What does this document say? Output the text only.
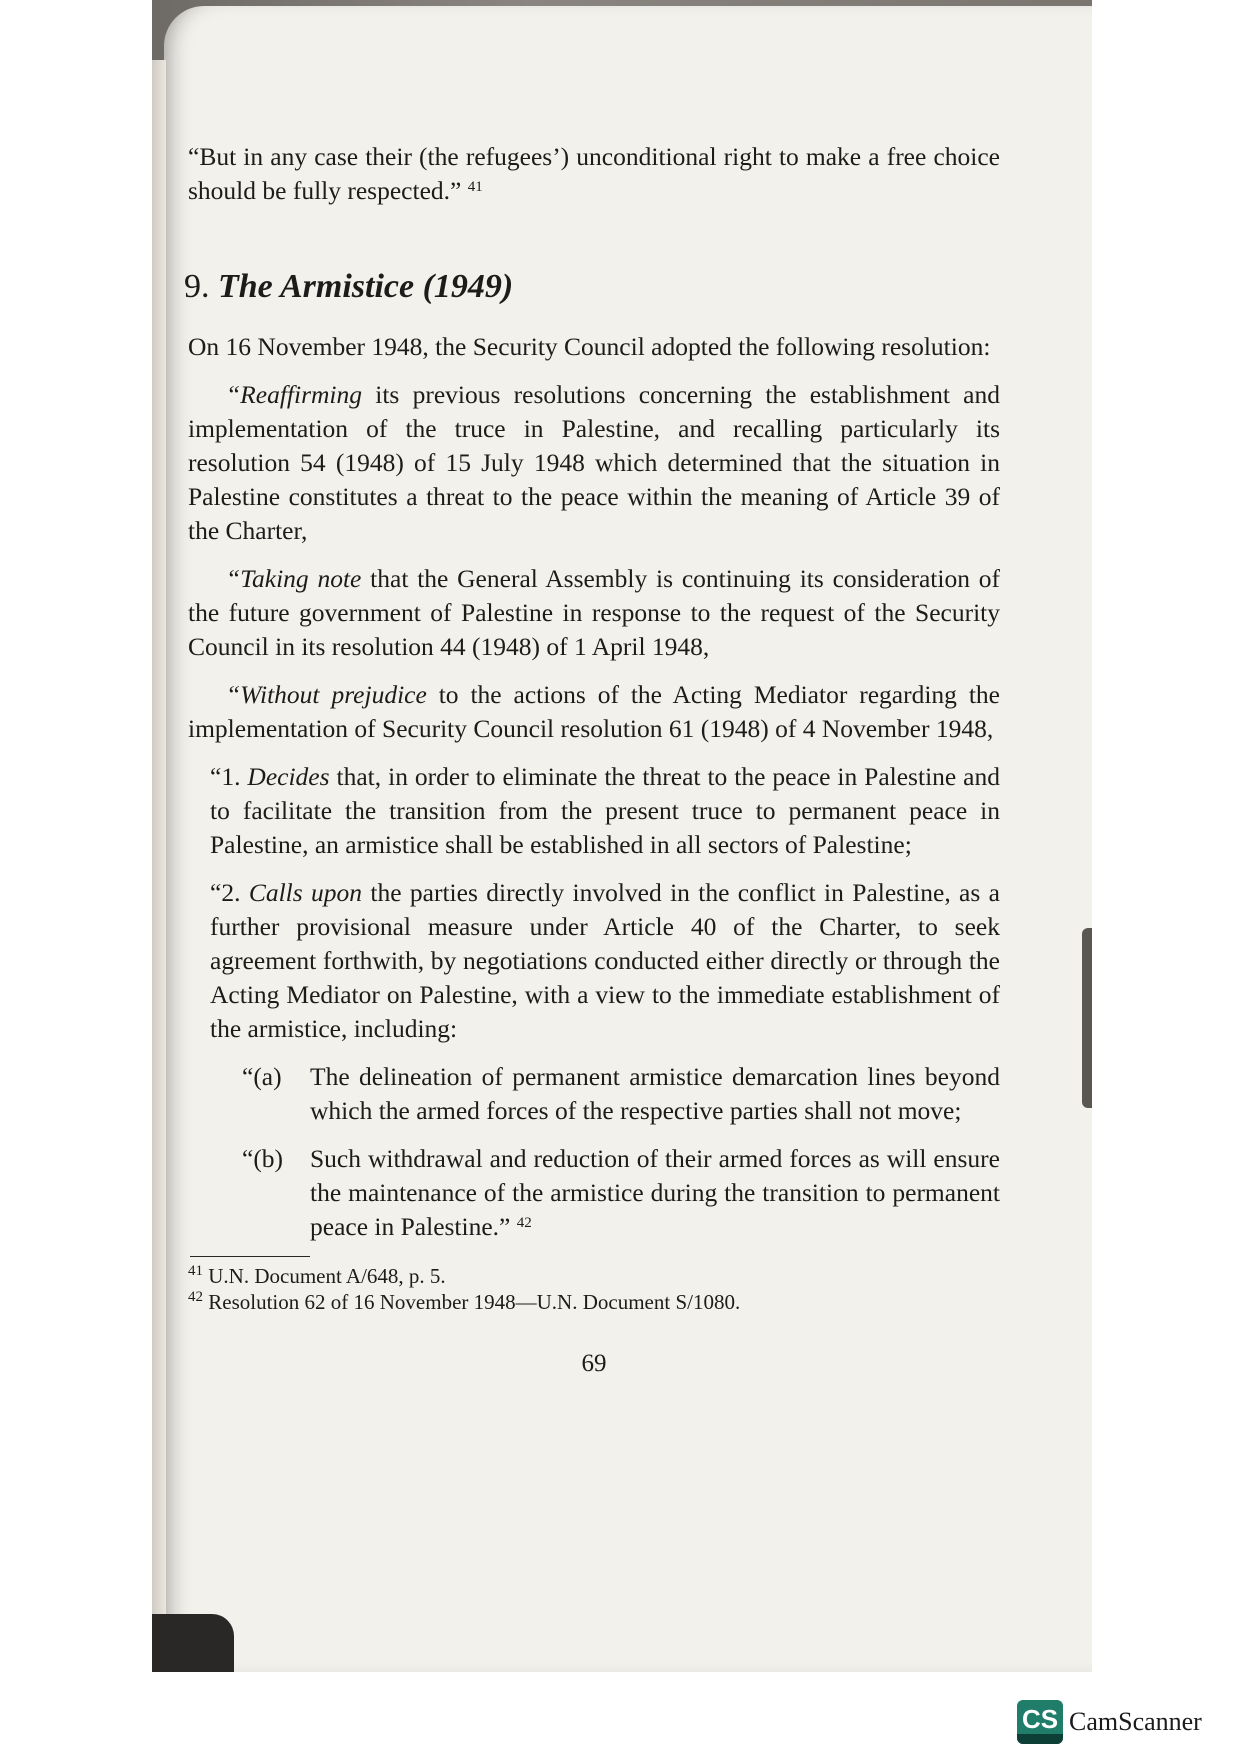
“But in any case their (the refugees’) unconditional right to make a free choice should be fully respected.” $^{41}$

9. The Armistice (1949)

On 16 November 1948, the Security Council adopted the following resolution:

“Reaffirming its previous resolutions concerning the establishment and implementation of the truce in Palestine, and recalling particularly its resolution 54 (1948) of 15 July 1948 which determined that the situation in Palestine constitutes a threat to the peace within the meaning of Article 39 of the Charter,

“Taking note that the General Assembly is continuing its consideration of the future government of Palestine in response to the request of the Security Council in its resolution 44 (1948) of 1 April 1948,

“Without prejudice to the actions of the Acting Mediator regarding the implementation of Security Council resolution 61 (1948) of 4 November 1948,

“1. Decides that, in order to eliminate the threat to the peace in Palestine and to facilitate the transition from the present truce to permanent peace in Palestine, an armistice shall be established in all sectors of Palestine;

“2. Calls upon the parties directly involved in the conflict in Palestine, as a further provisional measure under Article 40 of the Charter, to seek agreement forthwith, by negotiations conducted either directly or through the Acting Mediator on Palestine, with a view to the immediate establishment of the armistice, including:

“(a)	The delineation of permanent armistice demarcation lines beyond which the armed forces of the respective parties shall not move;
“(b)	Such withdrawal and reduction of their armed forces as will ensure the maintenance of the armistice during the transition to permanent peace in Palestine.” $^{42}$

$^{41}$ U.N. Document A/648, p. 5.

$^{42}$ Resolution 62 of 16 November 1948—U.N. Document S/1080.

69
CS CamScanner
